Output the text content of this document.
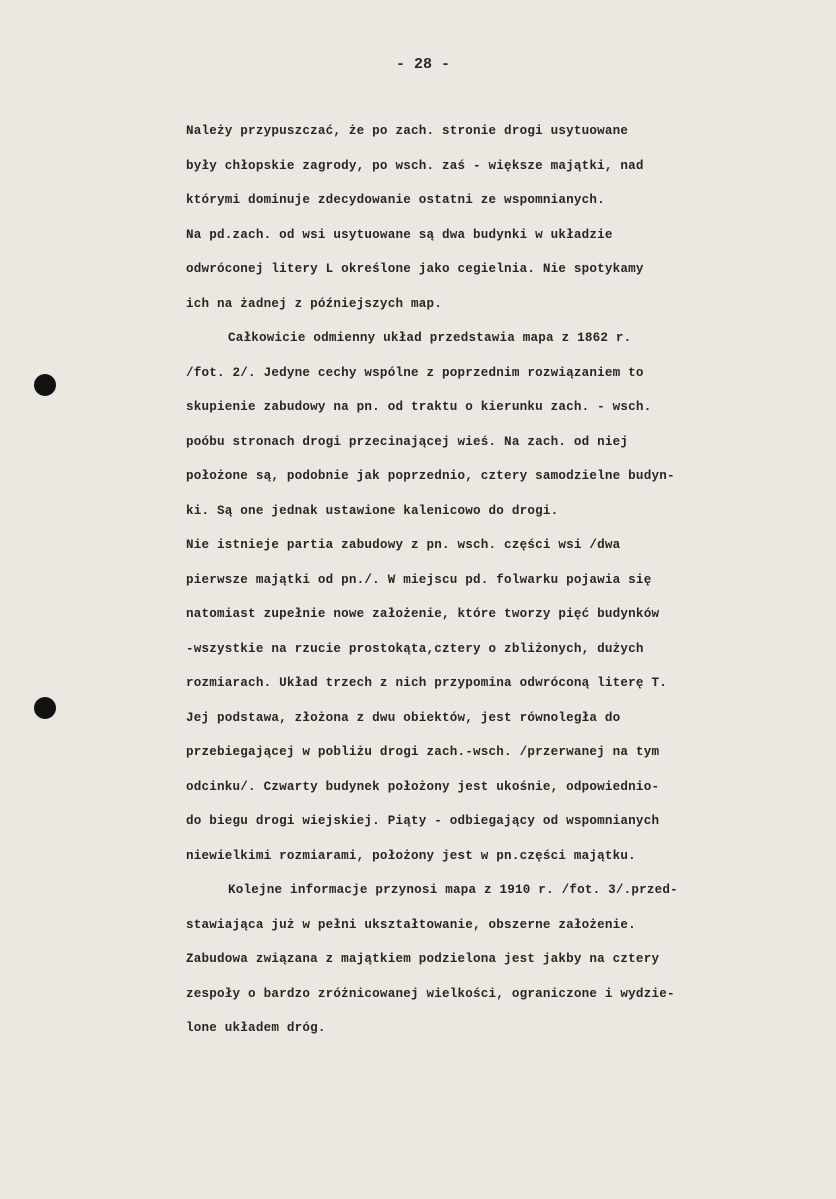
- 28 -
Należy przypuszczać, że po zach. stronie drogi usytuowane
były chłopskie zagrody, po wsch. zaś - większe majątki, nad
którymi dominuje zdecydowanie ostatni ze wspomnianych.
Na pd.zach. od wsi usytuowane są dwa budynki w układzie
odwróconej litery L określone jako cegielnia. Nie spotykamy
ich na żadnej z późniejszych map.
Całkowicie odmienny układ przedstawia mapa z 1862 r.
/fot. 2/. Jedyne cechy wspólne z poprzednim rozwiązaniem to
skupienie zabudowy na pn. od traktu o kierunku zach. - wsch.
poóbu stronach drogi przecinającej wieś. Na zach. od niej
położone są, podobnie jak poprzednio, cztery samodzielne budyn-
ki. Są one jednak ustawione kalenicowo do drogi.
Nie istnieje partia zabudowy z pn. wsch. części wsi /dwa
pierwsze majątki od pn./. W miejscu pd. folwarku pojawia się
natomiast zupełnie nowe założenie, które tworzy pięć budynków
-wszystkie na rzucie prostokąta,cztery o zbliżonych, dużych
rozmiarach. Układ trzech z nich przypomina odwróconą literę T.
Jej podstawa, złożona z dwu obiektów, jest równoległa do
przebiegającej w pobliżu drogi zach.-wsch. /przerwanej na tym
odcinku/. Czwarty budynek położony jest ukośnie, odpowiednio-
do biegu drogi wiejskiej. Piąty - odbiegający od wspomnianych
niewielkimi rozmiarami, położony jest w pn.części majątku.
Kolejne informacje przynosi mapa z 1910 r. /fot. 3/.przed-
stawiająca już w pełni ukształtowanie, obszerne założenie.
Zabudowa związana z majątkiem podzielona jest jakby na cztery
zespoły o bardzo zróżnicowanej wielkości, ograniczone i wydzie-
lone układem dróg.
